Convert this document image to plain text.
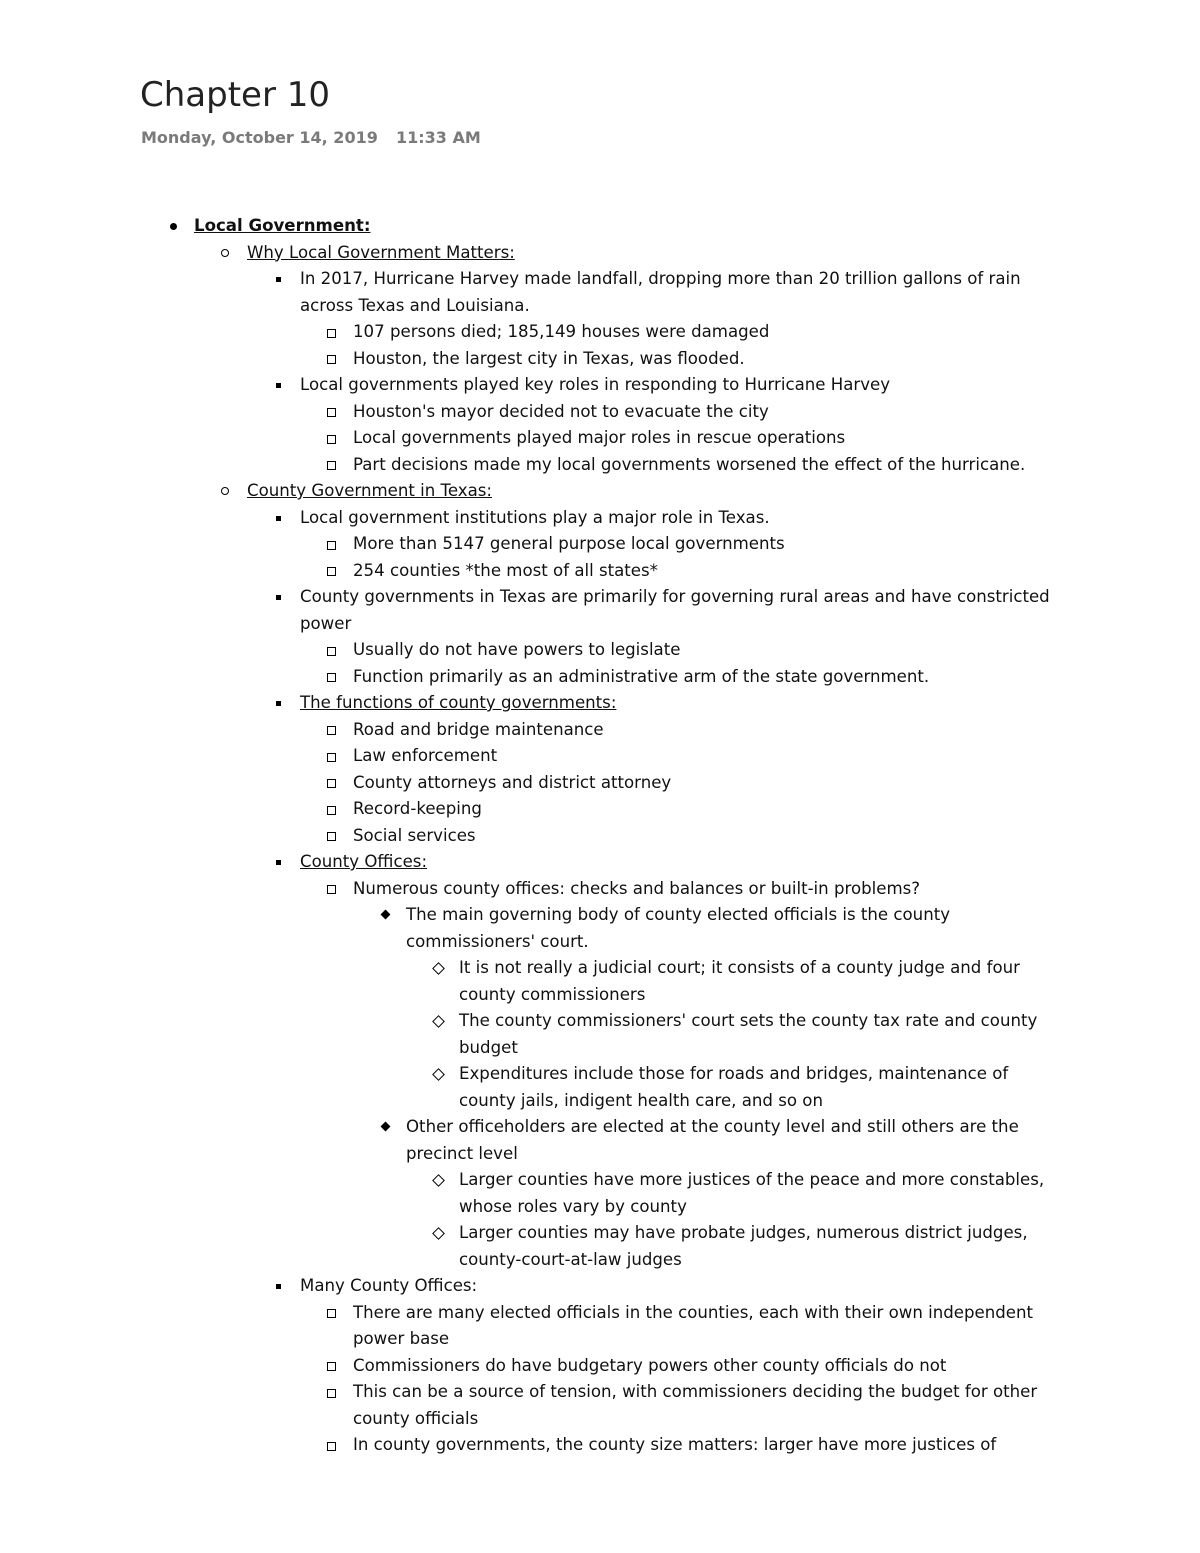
Chapter 10
Monday, October 14, 2019 11:33 AM
Local Government:
Why Local Government Matters:
In 2017, Hurricane Harvey made landfall, dropping more than 20 trillion gallons of rain across Texas and Louisiana.
107 persons died; 185,149 houses were damaged
Houston, the largest city in Texas, was flooded.
Local governments played key roles in responding to Hurricane Harvey
Houston's mayor decided not to evacuate the city
Local governments played major roles in rescue operations
Part decisions made my local governments worsened the effect of the hurricane.
County Government in Texas:
Local government institutions play a major role in Texas.
More than 5147 general purpose local governments
254 counties *the most of all states*
County governments in Texas are primarily for governing rural areas and have constricted power
Usually do not have powers to legislate
Function primarily as an administrative arm of the state government.
The functions of county governments:
Road and bridge maintenance
Law enforcement
County attorneys and district attorney
Record-keeping
Social services
County Offices:
Numerous county offices: checks and balances or built-in problems?
The main governing body of county elected officials is the county commissioners' court.
It is not really a judicial court; it consists of a county judge and four county commissioners
The county commissioners' court sets the county tax rate and county budget
Expenditures include those for roads and bridges, maintenance of county jails, indigent health care, and so on
Other officeholders are elected at the county level and still others are the precinct level
Larger counties have more justices of the peace and more constables, whose roles vary by county
Larger counties may have probate judges, numerous district judges, county-court-at-law judges
Many County Offices:
There are many elected officials in the counties, each with their own independent power base
Commissioners do have budgetary powers other county officials do not
This can be a source of tension, with commissioners deciding the budget for other county officials
In county governments, the county size matters: larger have more justices of
